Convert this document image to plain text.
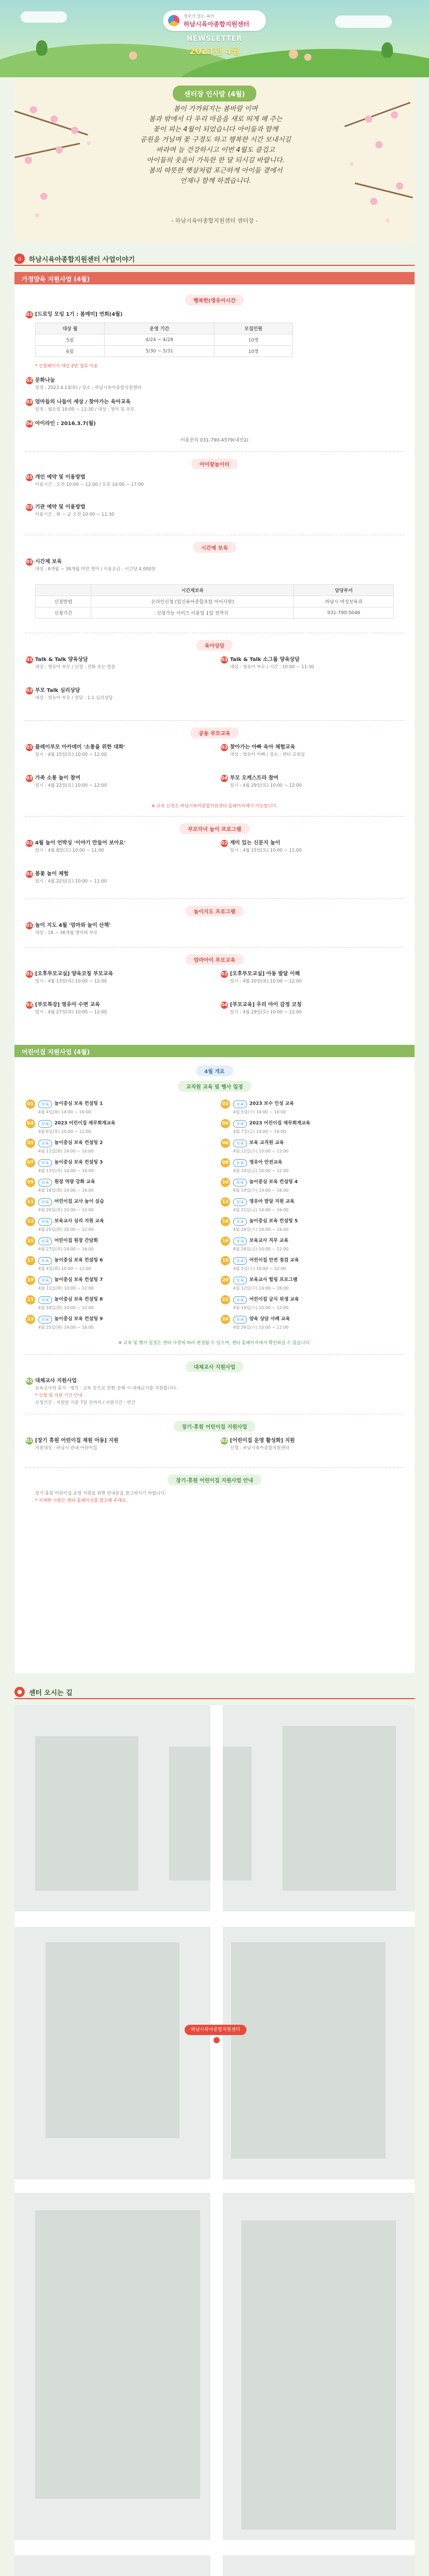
정보가 있는 육아
하남시육아종합지원센터
NEWSLETTER
2023년 4월
센터장 인사말 (4월)

봄이 가까워지는 봄바람 이며

봄과 밖에서 다 우리 마음을 새로 띄게 해 주는

꽃이 피는 4월이 되었습니다 아이들과 함께

공원을 거닐며 꽃 구경도 하고 행복한 시간 보내시길

바라며 늘 건강하시고 이번 4월도 즐겁고

아이들의 웃음이 가득한 한 달 되시길 바랍니다.

봄의 따뜻한 햇살처럼 포근하게 아이들 곁에서

언제나 함께 하겠습니다.

- 하남시육아종합지원센터 센터장 -
⌂	하남시육아종합지원센터 사업이야기
가정양육 지원사업 (4월)
행복한(영유아시간
01 [드로잉 모임 1기 : 봄매미] 연회(4월)
대상 월	운영 기간	모집인원
5월	4/24 ~ 4/28	10명
6월	5/30 ~ 5/31	10명
* 신청페이지 대상 2번 접속 이용
02 문화나눔
일정 : 2023.4.13(목) / 장소 : 하남시육아종합지원센터
03 엄마들의 나들이 세상 / 찾아가는 육아교육
일정 : 월요일 10:00 ~ 11:30 / 대상 : 영아 및 부모
04 아이라인 : 2016.3.7(월)
이용문의 031-790-4579(내선2)
아이랑놀이터
01 개인 예약 및 이용방법
이용시간 : 오전 10:00 ~ 12:00 / 오후 14:00 ~ 17:00
02 기관 예약 및 이용방법
이용시간 : 화 ~ 금 오전 10:00 ~ 11:30
시간제 보육
01 시간제 보육
대상 : 6개월 ~ 36개월 미만 영아 / 이용요금 : 시간당 4,000원
	시간제보육	담당부서
신청방법	온라인신청 (임신육아종합포털 아이사랑)	하남시 여성보육과
신청기간	신청가능 서비스 이용일 1일 전까지	031-790-5046
육아상담
01 Talk & Talk 양육상담
대상 : 영유아 부모 / 신청 : 전화 또는 방문
02 Talk & Talk 소그룹 양육상담
대상 : 영유아 부모 / 시간 : 10:00 ~ 11:30
03 부모 Talk 심리상담
대상 : 영유아 부모 / 상담 : 1:1 심리상담
공동 부모교육
01 플레이부모 아카데미 '소통을 위한 대화'
일시 : 4월 15일(토) 10:00 ~ 12:00
02 찾아가는 아빠 육아 체험교육
대상 : 영유아 아빠 / 장소 : 센터 교육실
03 가족 소통 놀이 참여
일시 : 4월 22일(토) 10:00 ~ 12:00
04 부모 오케스트라 참여
일시 : 4월 29일(토) 10:00 ~ 12:00
※ 교육 신청은 하남시육아종합지원센터 홈페이지에서 가능합니다.
부모자녀 놀이 프로그램
01 4월 놀이 언박싱 '이야기 만들어 보아요'
일시 : 4월 8일(토) 10:00 ~ 11:00
02 재미 있는 신문지 놀이
일시 : 4월 15일(토) 10:00 ~ 11:00
03 봄꽃 놀이 체험
일시 : 4월 22일(토) 10:00 ~ 11:00
놀이지도 프로그램
01 놀이 지도 4월 '엄마와 놀이 산책'
대상 : 18 ~ 36개월 영아와 부모
엄마아이 부모교육
01 [오후부모교실] 양육코칭 부모교육
일시 : 4월 13일(목) 10:00 ~ 12:00
02 [오후부모교실] 아동 발달 이해
일시 : 4월 20일(목) 10:00 ~ 12:00
03 [부모특강] 영유아 수면 교육
일시 : 4월 27일(목) 10:00 ~ 12:00
04 [부모교육] 우리 아이 감정 코칭
일시 : 4월 29일(토) 10:00 ~ 12:00
어린이집 지원사업 (4월)
4월 개요
교직원 교육 및 행사 일정
01 보육 놀이중심 보육 컨설팅 1
4월 4일(화) 14:00 ~ 16:00
02 보육 2023 보수 인성 교육
4월 5일(수) 14:00 ~ 16:00
03 보육 2023 어린이집 재무회계교육
4월 6일(목) 10:00 ~ 12:00
04 보육 2023 어린이집 재무회계교육
4월 7일(금) 14:00 ~ 16:00
05 보육 놀이중심 보육 컨설팅 2
4월 11일(화) 14:00 ~ 16:00
06 보육 보육 교직원 교육
4월 12일(수) 10:00 ~ 12:00
07 보육 놀이중심 보육 컨설팅 3
4월 13일(목) 14:00 ~ 16:00
08 보육 영유아 안전교육
4월 14일(금) 10:00 ~ 12:00
09 보육 원장 역량 강화 교육
4월 18일(화) 14:00 ~ 16:00
10 보육 놀이중심 보육 컨설팅 4
4월 19일(수) 14:00 ~ 16:00
11 보육 어린이집 교사 놀이 실습
4월 20일(목) 10:00 ~ 12:00
12 보육 영유아 발달 지원 교육
4월 21일(금) 14:00 ~ 16:00
13 보육 보육교사 심리 지원 교육
4월 25일(화) 10:00 ~ 12:00
14 보육 놀이중심 보육 컨설팅 5
4월 26일(수) 14:00 ~ 16:00
15 보육 어린이집 원장 간담회
4월 27일(목) 14:00 ~ 16:00
16 보육 보육교사 직무 교육
4월 28일(금) 10:00 ~ 12:00
17 보육 놀이중심 보육 컨설팅 6
4월 4일(화) 10:00 ~ 12:00
18 보육 어린이집 안전 점검 교육
4월 5일(수) 10:00 ~ 12:00
19 보육 놀이중심 보육 컨설팅 7
4월 11일(화) 10:00 ~ 12:00
20 보육 보육교사 힐링 프로그램
4월 12일(수) 14:00 ~ 16:00
21 보육 놀이중심 보육 컨설팅 8
4월 18일(화) 10:00 ~ 12:00
22 보육 어린이집 급식 위생 교육
4월 19일(수) 10:00 ~ 12:00
23 보육 놀이중심 보육 컨설팅 9
4월 25일(화) 14:00 ~ 16:00
24 보육 양육 상담 사례 교육
4월 26일(수) 10:00 ~ 12:00
※ 교육 및 행사 일정은 센터 사정에 따라 변경될 수 있으며, 센터 홈페이지에서 확인하실 수 있습니다.
대체교사 지원사업
01 대체교사 지원사업
보육교사의 휴가 · 병가 · 교육 등으로 인한 공백 시 대체교사를 지원합니다.
* 신청 및 지원 기간 안내
신청기간 : 지원일 기준 7일 전까지 / 지원기간 : 연간
장기·휴원 어린이집 지원사업
01 [장기 휴원 어린이집 재원 아동] 지원
지원대상 : 하남시 관내 어린이집
02 [어린이집 운영 활성화] 지원
신청 : 하남시육아종합지원센터
장기·휴원 어린이집 지원사업 안내
장기·휴원 어린이집 운영 지원을 위한 안내문을 참고하시기 바랍니다.
* 자세한 사항은 센터 홈페이지를 참고해 주세요.
●	센터 오시는 길
하남시육아종합지원센터
